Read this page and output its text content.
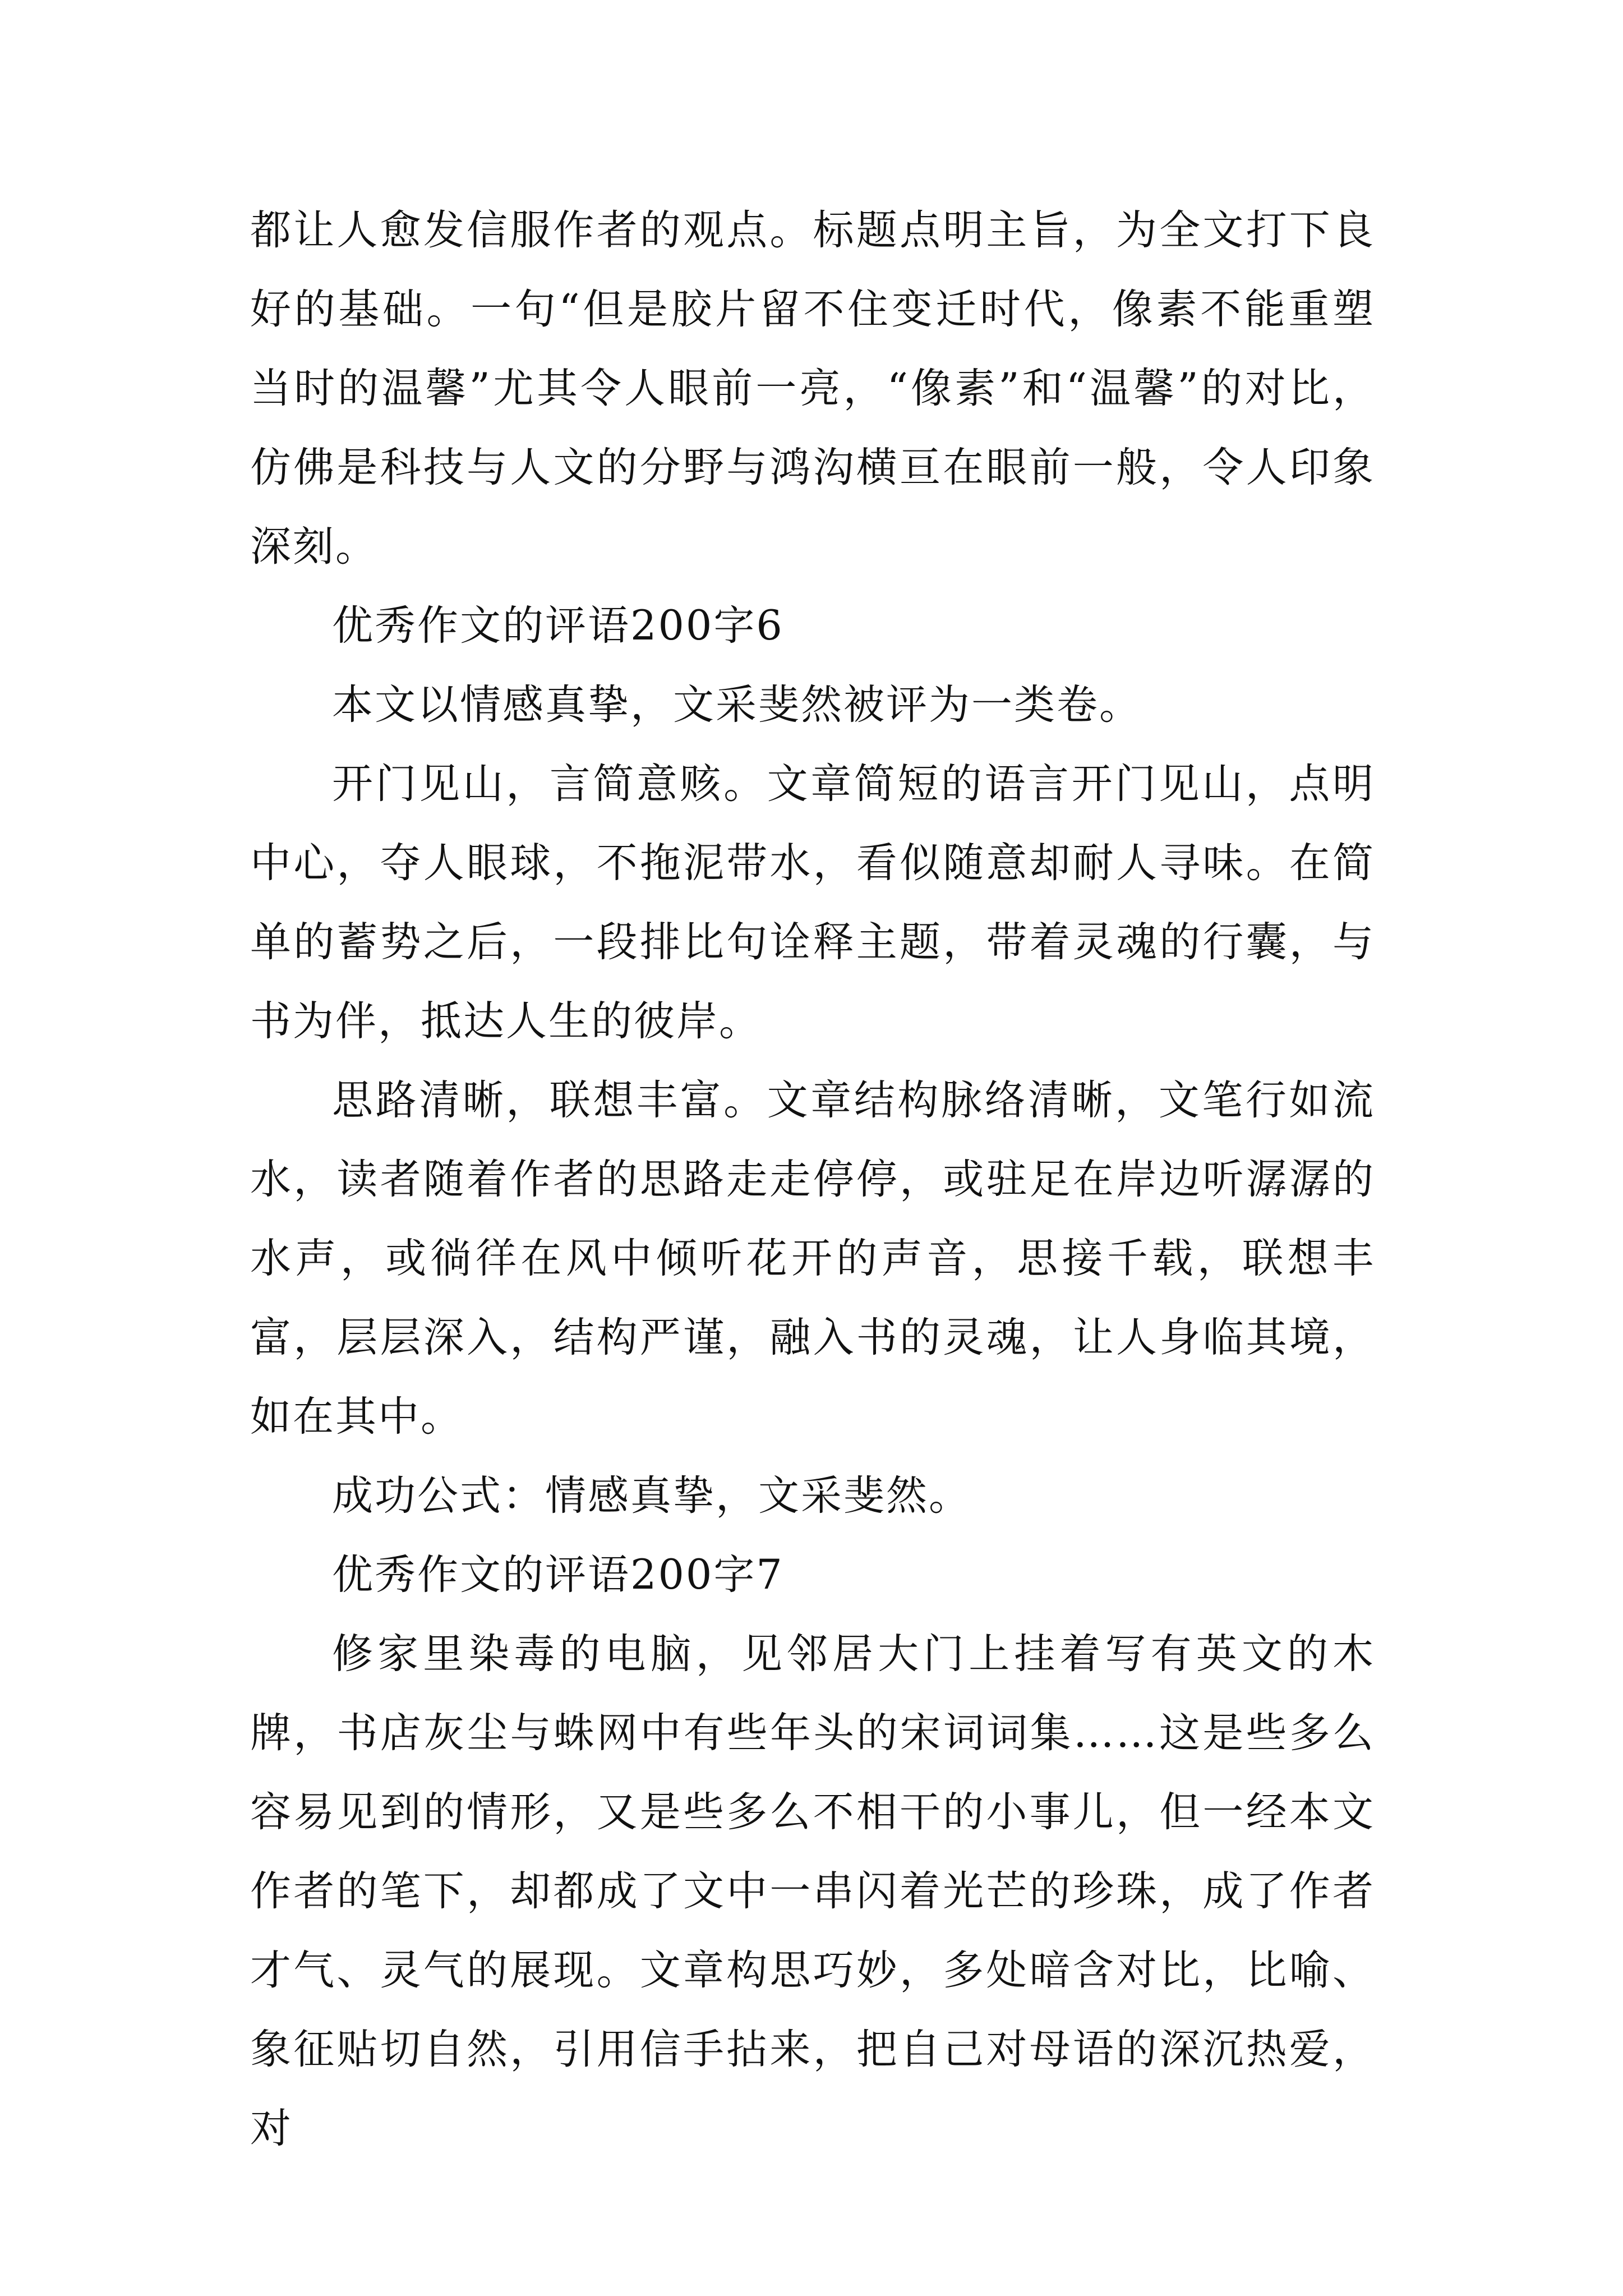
都让人愈发信服作者的观点。标题点明主旨，为全文打下良好的基础。一句“但是胶片留不住变迁时代，像素不能重塑当时的温馨”尤其令人眼前一亮，“像素”和“温馨”的对比，仿佛是科技与人文的分野与鸿沟横亘在眼前一般，令人印象深刻。

优秀作文的评语200字6

本文以情感真挚，文采斐然被评为一类卷。

开门见山，言简意赅。文章简短的语言开门见山，点明中心，夺人眼球，不拖泥带水，看似随意却耐人寻味。在简单的蓄势之后，一段排比句诠释主题，带着灵魂的行囊，与书为伴，抵达人生的彼岸。

思路清晰，联想丰富。文章结构脉络清晰，文笔行如流水，读者随着作者的思路走走停停，或驻足在岸边听潺潺的水声，或徜徉在风中倾听花开的声音，思接千载，联想丰富，层层深入，结构严谨，融入书的灵魂，让人身临其境，如在其中。

成功公式：情感真挚，文采斐然。

优秀作文的评语200字7

修家里染毒的电脑，见邻居大门上挂着写有英文的木牌，书店灰尘与蛛网中有些年头的宋词词集……这是些多么容易见到的情形，又是些多么不相干的小事儿，但一经本文作者的笔下，却都成了文中一串闪着光芒的珍珠，成了作者才气、灵气的展现。文章构思巧妙，多处暗含对比，比喻、象征贴切自然，引用信手拈来，把自己对母语的深沉热爱，对
